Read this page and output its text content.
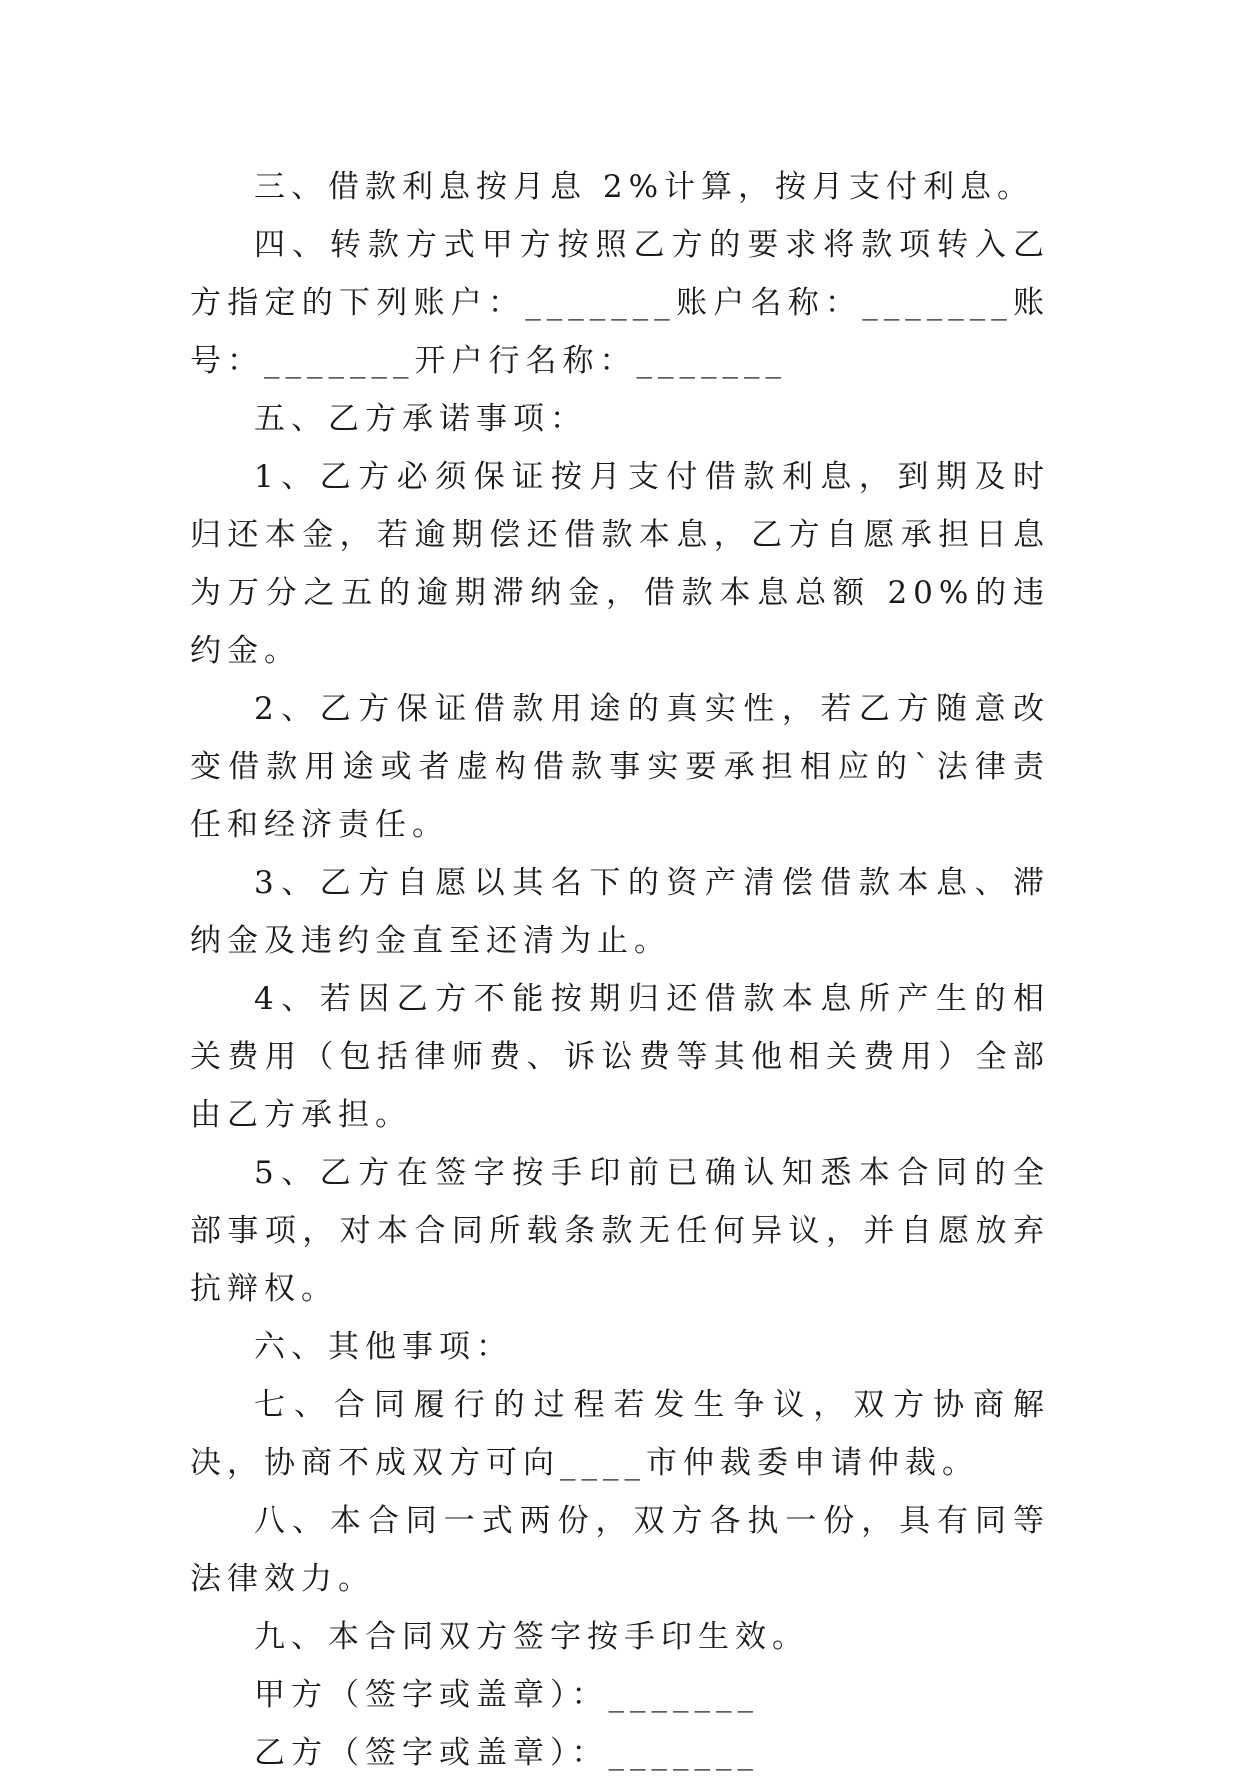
三、借款利息按月息 2%计算，按月支付利息。

四、转款方式甲方按照乙方的要求将款项转入乙方指定的下列账户：_______账户名称：_______账号：_______开户行名称：_______

五、乙方承诺事项：

1、乙方必须保证按月支付借款利息，到期及时归还本金，若逾期偿还借款本息，乙方自愿承担日息为万分之五的逾期滞纳金，借款本息总额 20%的违约金。

2、乙方保证借款用途的真实性，若乙方随意改变借款用途或者虚构借款事实要承担相应的`法律责任和经济责任。

3、乙方自愿以其名下的资产清偿借款本息、滞纳金及违约金直至还清为止。

4、若因乙方不能按期归还借款本息所产生的相关费用（包括律师费、诉讼费等其他相关费用）全部由乙方承担。

5、乙方在签字按手印前已确认知悉本合同的全部事项，对本合同所载条款无任何异议，并自愿放弃抗辩权。

六、其他事项：

七、合同履行的过程若发生争议，双方协商解决，协商不成双方可向____市仲裁委申请仲裁。

八、本合同一式两份，双方各执一份，具有同等法律效力。

九、本合同双方签字按手印生效。

甲方（签字或盖章）：_______

乙方（签字或盖章）：_______
